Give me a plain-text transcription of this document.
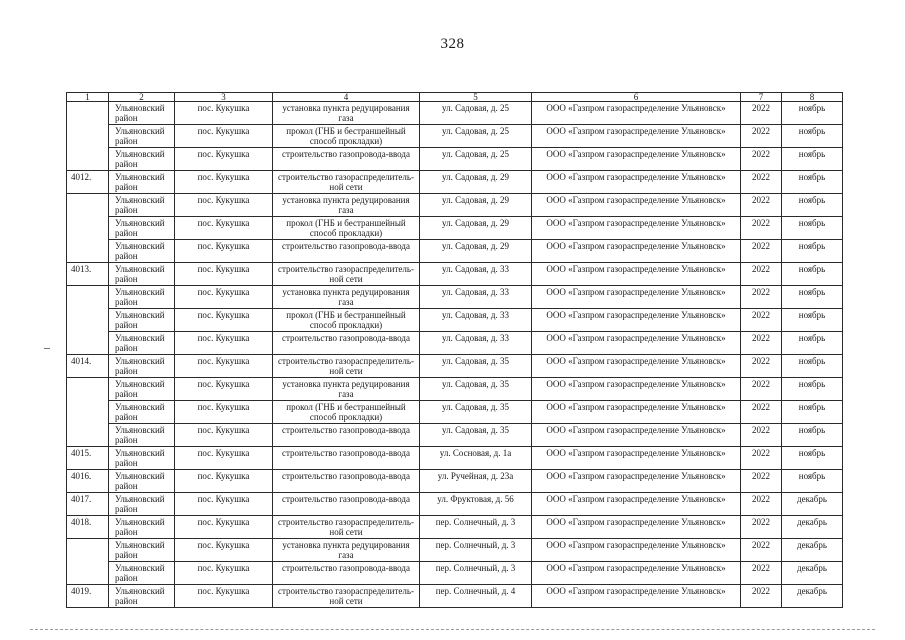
328
1	2	3	4	5	6	7	8
	Ульяновский район	пос. Кукушка	установка пункта редуцирования газа	ул. Садовая, д. 25	ООО «Газпром газораспределение Ульяновск»	2022	ноябрь
	Ульяновский район	пос. Кукушка	прокол (ГНБ и бестраншейный способ прокладки)	ул. Садовая, д. 25	ООО «Газпром газораспределение Ульяновск»	2022	ноябрь
	Ульяновский район	пос. Кукушка	строительство газопровода-ввода	ул. Садовая, д. 25	ООО «Газпром газораспределение Ульяновск»	2022	ноябрь
4012.	Ульяновский район	пос. Кукушка	строительство газораспределитель-ной сети	ул. Садовая, д. 29	ООО «Газпром газораспределение Ульяновск»	2022	ноябрь
	Ульяновский район	пос. Кукушка	установка пункта редуцирования газа	ул. Садовая, д. 29	ООО «Газпром газораспределение Ульяновск»	2022	ноябрь
	Ульяновский район	пос. Кукушка	прокол (ГНБ и бестраншейный способ прокладки)	ул. Садовая, д. 29	ООО «Газпром газораспределение Ульяновск»	2022	ноябрь
	Ульяновский район	пос. Кукушка	строительство газопровода-ввода	ул. Садовая, д. 29	ООО «Газпром газораспределение Ульяновск»	2022	ноябрь
4013.	Ульяновский район	пос. Кукушка	строительство газораспределитель-ной сети	ул. Садовая, д. 33	ООО «Газпром газораспределение Ульяновск»	2022	ноябрь
	Ульяновский район	пос. Кукушка	установка пункта редуцирования газа	ул. Садовая, д. 33	ООО «Газпром газораспределение Ульяновск»	2022	ноябрь
	Ульяновский район	пос. Кукушка	прокол (ГНБ и бестраншейный способ прокладки)	ул. Садовая, д. 33	ООО «Газпром газораспределение Ульяновск»	2022	ноябрь
	Ульяновский район	пос. Кукушка	строительство газопровода-ввода	ул. Садовая, д. 33	ООО «Газпром газораспределение Ульяновск»	2022	ноябрь
4014.	Ульяновский район	пос. Кукушка	строительство газораспределитель-ной сети	ул. Садовая, д. 35	ООО «Газпром газораспределение Ульяновск»	2022	ноябрь
	Ульяновский район	пос. Кукушка	установка пункта редуцирования газа	ул. Садовая, д. 35	ООО «Газпром газораспределение Ульяновск»	2022	ноябрь
	Ульяновский район	пос. Кукушка	прокол (ГНБ и бестраншейный способ прокладки)	ул. Садовая, д. 35	ООО «Газпром газораспределение Ульяновск»	2022	ноябрь
	Ульяновский район	пос. Кукушка	строительство газопровода-ввода	ул. Садовая, д. 35	ООО «Газпром газораспределение Ульяновск»	2022	ноябрь
4015.	Ульяновский район	пос. Кукушка	строительство газопровода-ввода	ул. Сосновая, д. 1а	ООО «Газпром газораспределение Ульяновск»	2022	ноябрь
4016.	Ульяновский район	пос. Кукушка	строительство газопровода-ввода	ул. Ручейная, д. 23а	ООО «Газпром газораспределение Ульяновск»	2022	ноябрь
4017.	Ульяновский район	пос. Кукушка	строительство газопровода-ввода	ул. Фруктовая, д. 56	ООО «Газпром газораспределение Ульяновск»	2022	декабрь
4018.	Ульяновский район	пос. Кукушка	строительство газораспределитель-ной сети	пер. Солнечный, д. 3	ООО «Газпром газораспределение Ульяновск»	2022	декабрь
	Ульяновский район	пос. Кукушка	установка пункта редуцирования газа	пер. Солнечный, д. 3	ООО «Газпром газораспределение Ульяновск»	2022	декабрь
	Ульяновский район	пос. Кукушка	строительство газопровода-ввода	пер. Солнечный, д. 3	ООО «Газпром газораспределение Ульяновск»	2022	декабрь
4019.	Ульяновский район	пос. Кукушка	строительство газораспределитель-ной сети	пер. Солнечный, д. 4	ООО «Газпром газораспределение Ульяновск»	2022	декабрь
